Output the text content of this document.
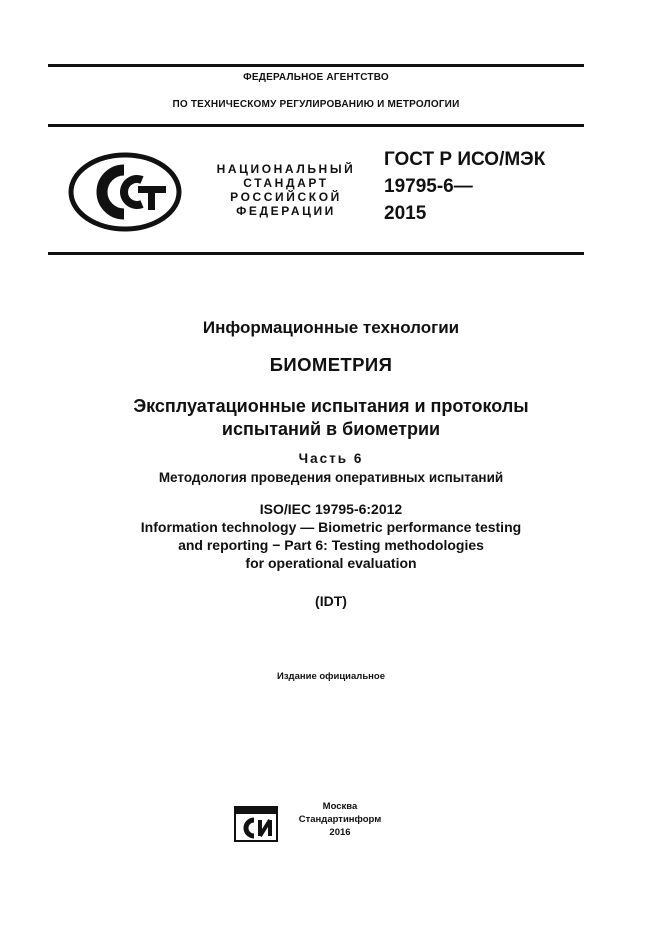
ФЕДЕРАЛЬНОЕ АГЕНТСТВО
ПО ТЕХНИЧЕСКОМУ РЕГУЛИРОВАНИЮ И МЕТРОЛОГИИ
НАЦИОНАЛЬНЫЙ
СТАНДАРТ
РОССИЙСКОЙ
ФЕДЕРАЦИИ
ГОСТ Р ИСО/МЭК
19795-6—
2015
Информационные технологии
БИОМЕТРИЯ
Эксплуатационные испытания и протоколы
испытаний в биометрии
Часть 6
Методология проведения оперативных испытаний
ISO/IEC 19795-6:2012
Information technology — Biometric performance testing
and reporting − Part 6: Testing methodologies
for operational evaluation
(IDT)
Издание официальное
Москва
Стандартинформ
2016
